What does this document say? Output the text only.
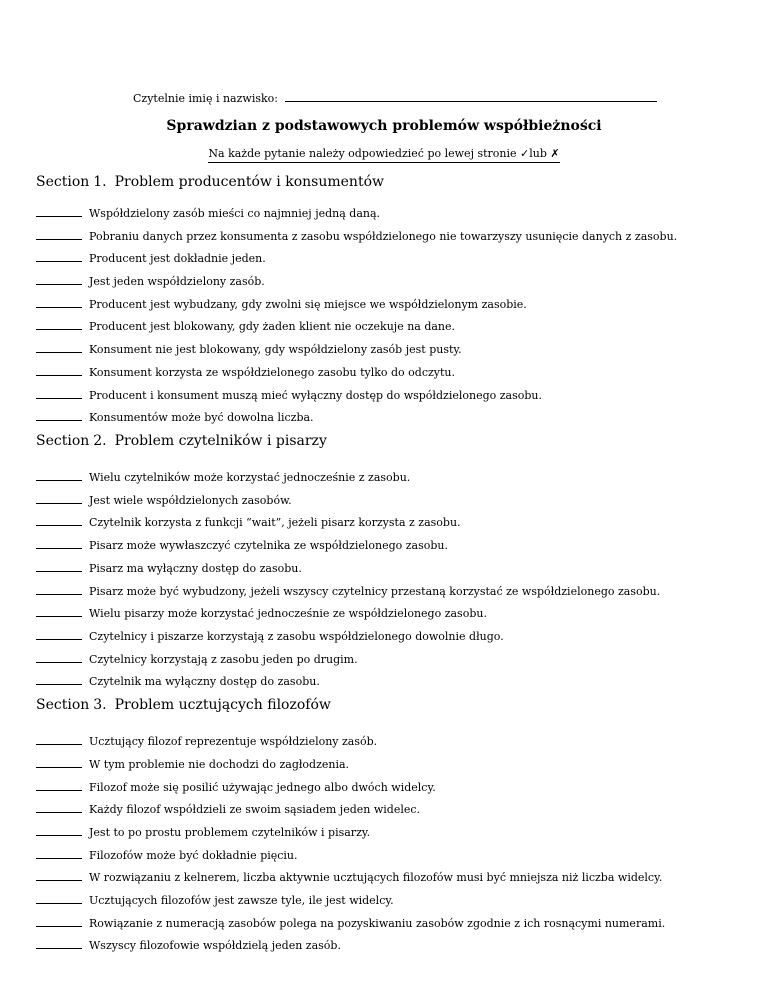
Czytelnie imię i nazwisko:
Sprawdzian z podstawowych problemów współbieżności
Na każde pytanie należy odpowiedzieć po lewej stronie ✓lub ✗
Section 1. Problem producentów i konsumentów
Współdzielony zasób mieści co najmniej jedną daną.
Pobraniu danych przez konsumenta z zasobu współdzielonego nie towarzyszy usunięcie danych z zasobu.
Producent jest dokładnie jeden.
Jest jeden współdzielony zasób.
Producent jest wybudzany, gdy zwolni się miejsce we współdzielonym zasobie.
Producent jest blokowany, gdy żaden klient nie oczekuje na dane.
Konsument nie jest blokowany, gdy współdzielony zasób jest pusty.
Konsument korzysta ze współdzielonego zasobu tylko do odczytu.
Producent i konsument muszą mieć wyłączny dostęp do współdzielonego zasobu.
Konsumentów może być dowolna liczba.
Section 2. Problem czytelników i pisarzy
Wielu czytelników może korzystać jednocześnie z zasobu.
Jest wiele współdzielonych zasobów.
Czytelnik korzysta z funkcji “wait”, jeżeli pisarz korzysta z zasobu.
Pisarz może wywłaszczyć czytelnika ze współdzielonego zasobu.
Pisarz ma wyłączny dostęp do zasobu.
Pisarz może być wybudzony, jeżeli wszyscy czytelnicy przestaną korzystać ze współdzielonego zasobu.
Wielu pisarzy może korzystać jednocześnie ze współdzielonego zasobu.
Czytelnicy i piszarze korzystają z zasobu współdzielonego dowolnie długo.
Czytelnicy korzystają z zasobu jeden po drugim.
Czytelnik ma wyłączny dostęp do zasobu.
Section 3. Problem ucztujących filozofów
Ucztujący filozof reprezentuje współdzielony zasób.
W tym problemie nie dochodzi do zagłodzenia.
Filozof może się posilić używając jednego albo dwóch widelcy.
Każdy filozof współdzieli ze swoim sąsiadem jeden widelec.
Jest to po prostu problemem czytelników i pisarzy.
Filozofów może być dokładnie pięciu.
W rozwiązaniu z kelnerem, liczba aktywnie ucztujących filozofów musi być mniejsza niż liczba widelcy.
Ucztujących filozofów jest zawsze tyle, ile jest widelcy.
Rowiązanie z numeracją zasobów polega na pozyskiwaniu zasobów zgodnie z ich rosnącymi numerami.
Wszyscy filozofowie współdzielą jeden zasób.
